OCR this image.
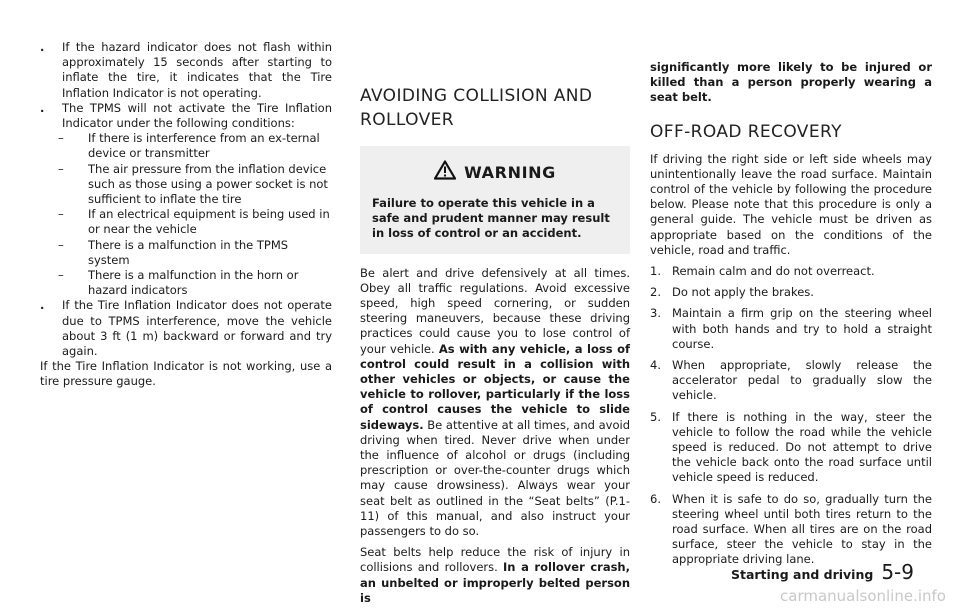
. If the hazard indicator does not flash within approximately 15 seconds after starting to inflate the tire, it indicates that the Tire Inflation Indicator is not operating.

. The TPMS will not activate the Tire Inflation Indicator under the following conditions:

– If there is interference from an ex-ternal device or transmitter

– The air pressure from the inflation device such as those using a power socket is not sufficient to inflate the tire

– If an electrical equipment is being used in or near the vehicle

– There is a malfunction in the TPMS system

– There is a malfunction in the horn or hazard indicators

. If the Tire Inflation Indicator does not operate due to TPMS interference, move the vehicle about 3 ft (1 m) backward or forward and try again.

If the Tire Inflation Indicator is not working, use a tire pressure gauge.

AVOIDING COLLISION AND ROLLOVER
WARNING

Failure to operate this vehicle in a safe and prudent manner may result in loss of control or an accident.

Be alert and drive defensively at all times. Obey all traffic regulations. Avoid excessive speed, high speed cornering, or sudden steering maneuvers, because these driving practices could cause you to lose control of your vehicle. As with any vehicle, a loss of control could result in a collision with other vehicles or objects, or cause the vehicle to rollover, particularly if the loss of control causes the vehicle to slide sideways. Be attentive at all times, and avoid driving when tired. Never drive when under the influence of alcohol or drugs (including prescription or over-the-counter drugs which may cause drowsiness). Always wear your seat belt as outlined in the “Seat belts” (P.1-11) of this manual, and also instruct your passengers to do so.

Seat belts help reduce the risk of injury in collisions and rollovers. In a rollover crash, an unbelted or improperly belted person is

significantly more likely to be injured or killed than a person properly wearing a seat belt.

OFF-ROAD RECOVERY

If driving the right side or left side wheels may unintentionally leave the road surface. Maintain control of the vehicle by following the procedure below. Please note that this procedure is only a general guide. The vehicle must be driven as appropriate based on the conditions of the vehicle, road and traffic.

1. Remain calm and do not overreact.

2. Do not apply the brakes.

3. Maintain a firm grip on the steering wheel with both hands and try to hold a straight course.

4. When appropriate, slowly release the accelerator pedal to gradually slow the vehicle.

5. If there is nothing in the way, steer the vehicle to follow the road while the vehicle speed is reduced. Do not attempt to drive the vehicle back onto the road surface until vehicle speed is reduced.

6. When it is safe to do so, gradually turn the steering wheel until both tires return to the road surface. When all tires are on the road surface, steer the vehicle to stay in the appropriate driving lane.

Starting and driving 5-9
carmanualsonline.info
